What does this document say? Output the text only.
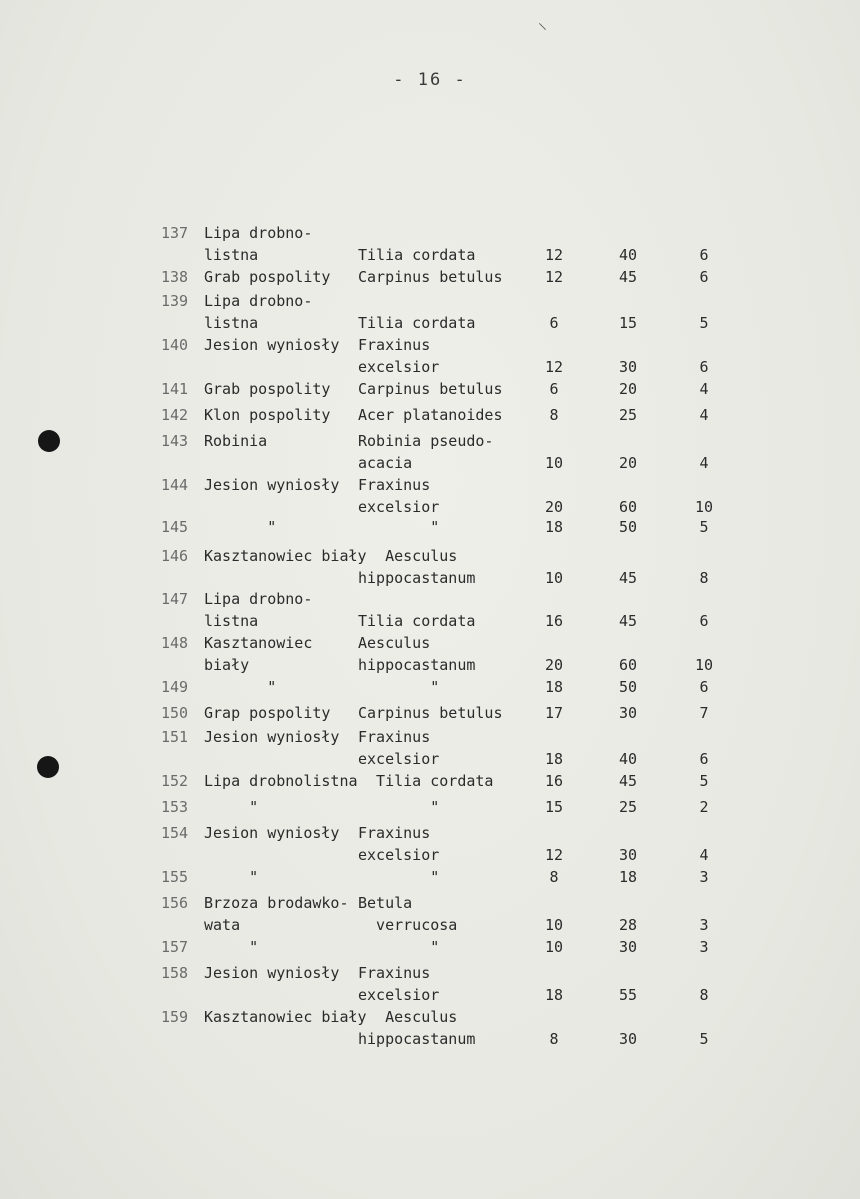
- 16 -
137 Lipa drobno-
listna	Tilia cordata	12	40	6
138 Grab pospolity Carpinus betulus	12	45	6
139 Lipa drobno-
listna	Tilia cordata	6	15	5
140 Jesion wyniosły Fraxinus
excelsior	12	30	6
141 Grab pospolity Carpinus betulus	6	20	4
142 Klon pospolity Acer platanoides	8	25	4
143 Robinia	Robinia pseudo-
acacia	10	20	4
144 Jesion wyniosły Fraxinus
excelsior	20	60	10
145 "	"	18	50	5
146 Kasztanowiec biały
Aesculus
hippocastanum	10	45	8
147 Lipa drobno-
listna	Tilia cordata	16	45	6
148 Kasztanowiec
biały
Aesculus
hippocastanum	20	60	10
149 "	"	18	50	6
150 Grap pospolity Carpinus betulus	17	30	7
151 Jesion wyniosły Fraxinus
excelsior	18	40	6
152 Lipa drobnolistna Tilia cordata	16	45	5
153 "	"	15	25	2
154 Jesion wyniosły Fraxinus
excelsior	12	30	4
155 "	"	8	18	3
156 Brzoza brodawko-
wata
Betula
verrucosa	10	28	3
157 "	"	10	30	3
158 Jesion wyniosły Fraxinus
excelsior	18	55	8
159 Kasztanowiec biały
Aesculus
hippocastanum	8	30	5
